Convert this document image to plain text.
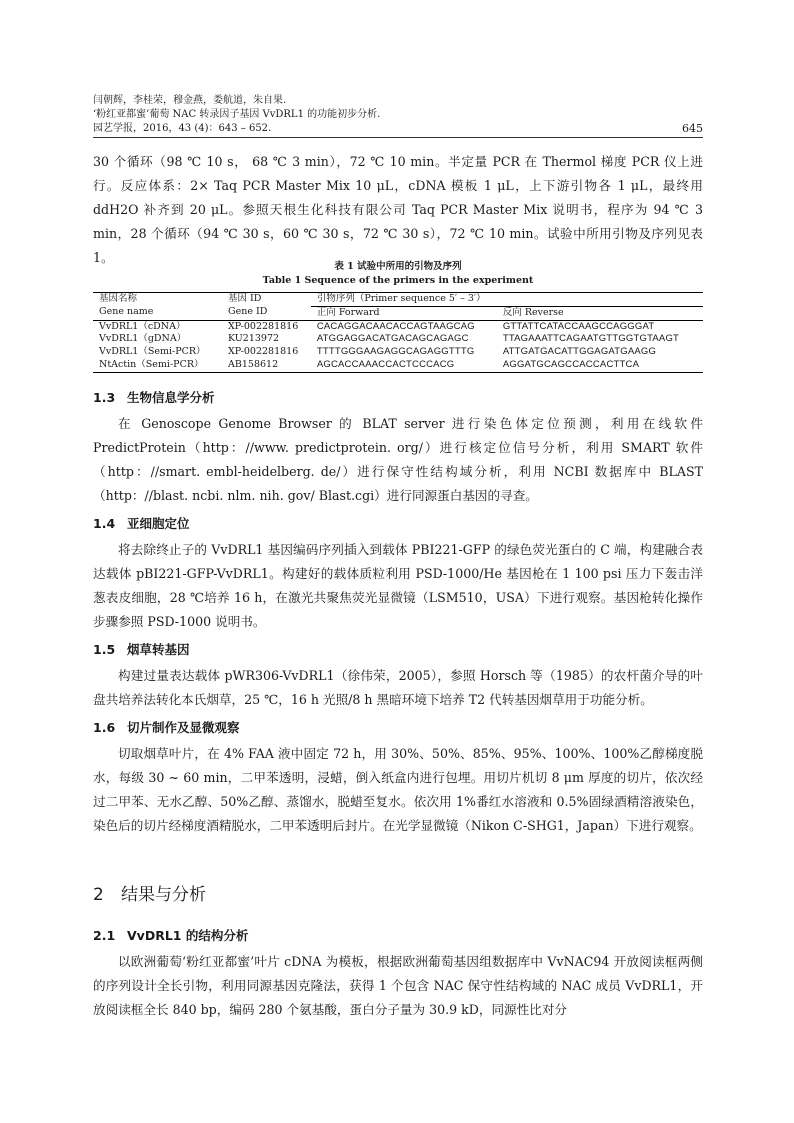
闫朝辉，李桂荣，穆金燕，娄航道，朱自果.
‘粉红亚都蜜’葡萄 NAC 转录因子基因 VvDRL1 的功能初步分析.
园艺学报，2016，43 (4)：643 – 652.	645

30 个循环（98 ℃ 10 s， 68 ℃ 3 min），72 ℃ 10 min。半定量 PCR 在 Thermol 梯度 PCR 仪上进行。反应体系：2× Taq PCR Master Mix 10 μL，cDNA 模板 1 μL，上下游引物各 1 μL，最终用 ddH2O 补齐到 20 μL。参照天根生化科技有限公司 Taq PCR Master Mix 说明书，程序为 94 ℃ 3 min，28 个循环（94 ℃ 30 s，60 ℃ 30 s，72 ℃ 30 s），72 ℃ 10 min。试验中所用引物及序列见表 1。

表 1 试验中所用的引物及序列
Table 1 Sequence of the primers in the experiment
基因名称	基因 ID	引物序列（Primer sequence 5′ – 3′）	
Gene name	Gene ID	正向 Forward	反向 Reverse
VvDRL1（cDNA）	XP-002281816	CACAGGACAACACCAGTAAGCAG	GTTATTCATACCAAGCCAGGGAT
VvDRL1（gDNA）	KU213972	ATGGAGGACATGACAGCAGAGC	TTAGAAATTCAGAATGTTGGTGTAAGT
VvDRL1（Semi-PCR）	XP-002281816	TTTTGGGAAGAGGCAGAGGTTTG	ATTGATGACATTGGAGATGAAGG
NtActin（Semi-PCR）	AB158612	AGCACCAAACCACTCCCACG	AGGATGCAGCCACCACTTCA
1.3 生物信息学分析

在 Genoscope Genome Browser 的 BLAT server 进行染色体定位预测，利用在线软件 PredictProtein（http：//www. predictprotein. org/）进行核定位信号分析，利用 SMART 软件（http：//smart. embl-heidelberg. de/）进行保守性结构域分析，利用 NCBI 数据库中 BLAST（http：//blast. ncbi. nlm. nih. gov/ Blast.cgi）进行同源蛋白基因的寻查。

1.4 亚细胞定位

将去除终止子的 VvDRL1 基因编码序列插入到载体 PBI221-GFP 的绿色荧光蛋白的 C 端，构建融合表达载体 pBI221-GFP-VvDRL1。构建好的载体质粒利用 PSD-1000/He 基因枪在 1 100 psi 压力下轰击洋葱表皮细胞，28 ℃培养 16 h，在激光共聚焦荧光显微镜（LSM510，USA）下进行观察。基因枪转化操作步骤参照 PSD-1000 说明书。

1.5 烟草转基因

构建过量表达载体 pWR306-VvDRL1（徐伟荣，2005），参照 Horsch 等（1985）的农杆菌介导的叶盘共培养法转化本氏烟草，25 ℃，16 h 光照/8 h 黑暗环境下培养 T2 代转基因烟草用于功能分析。

1.6 切片制作及显微观察

切取烟草叶片，在 4% FAA 液中固定 72 h，用 30%、50%、85%、95%、100%、100%乙醇梯度脱水，每级 30 ~ 60 min，二甲苯透明，浸蜡，倒入纸盒内进行包埋。用切片机切 8 μm 厚度的切片，依次经过二甲苯、无水乙醇、50%乙醇、蒸馏水，脱蜡至复水。依次用 1%番红水溶液和 0.5%固绿酒精溶液染色，染色后的切片经梯度酒精脱水，二甲苯透明后封片。在光学显微镜（Nikon C-SHG1，Japan）下进行观察。

2 结果与分析
2.1 VvDRL1 的结构分析

以欧洲葡萄‘粉红亚都蜜’叶片 cDNA 为模板，根据欧洲葡萄基因组数据库中 VvNAC94 开放阅读框两侧的序列设计全长引物，利用同源基因克隆法，获得 1 个包含 NAC 保守性结构域的 NAC 成员 VvDRL1，开放阅读框全长 840 bp，编码 280 个氨基酸，蛋白分子量为 30.9 kD，同源性比对分
